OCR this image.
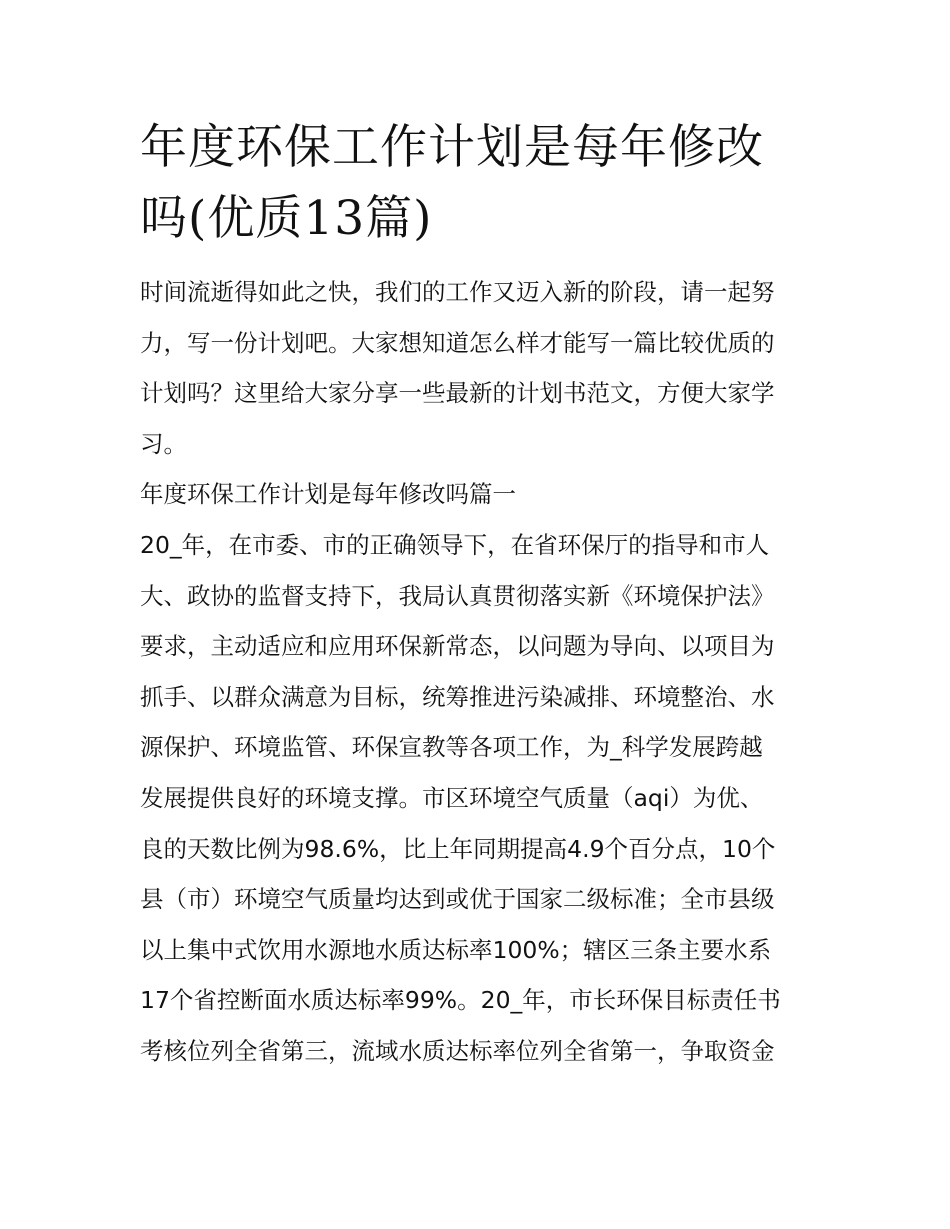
年度环保工作计划是每年修改
吗(优质13篇)
时间流逝得如此之快，我们的工作又迈入新的阶段，请一起努
力，写一份计划吧。大家想知道怎么样才能写一篇比较优质的
计划吗？这里给大家分享一些最新的计划书范文，方便大家学
习。
年度环保工作计划是每年修改吗篇一
20_年，在市委、市的正确领导下，在省环保厅的指导和市人
大、政协的监督支持下，我局认真贯彻落实新《环境保护法》
要求，主动适应和应用环保新常态，以问题为导向、以项目为
抓手、以群众满意为目标，统筹推进污染减排、环境整治、水
源保护、环境监管、环保宣教等各项工作，为_科学发展跨越
发展提供良好的环境支撑。市区环境空气质量（aqi）为优、
良的天数比例为98.6%，比上年同期提高4.9个百分点，10个
县（市）环境空气质量均达到或优于国家二级标准；全市县级
以上集中式饮用水源地水质达标率100%；辖区三条主要水系
17个省控断面水质达标率99%。20_年，市长环保目标责任书
考核位列全省第三，流域水质达标率位列全省第一，争取资金
